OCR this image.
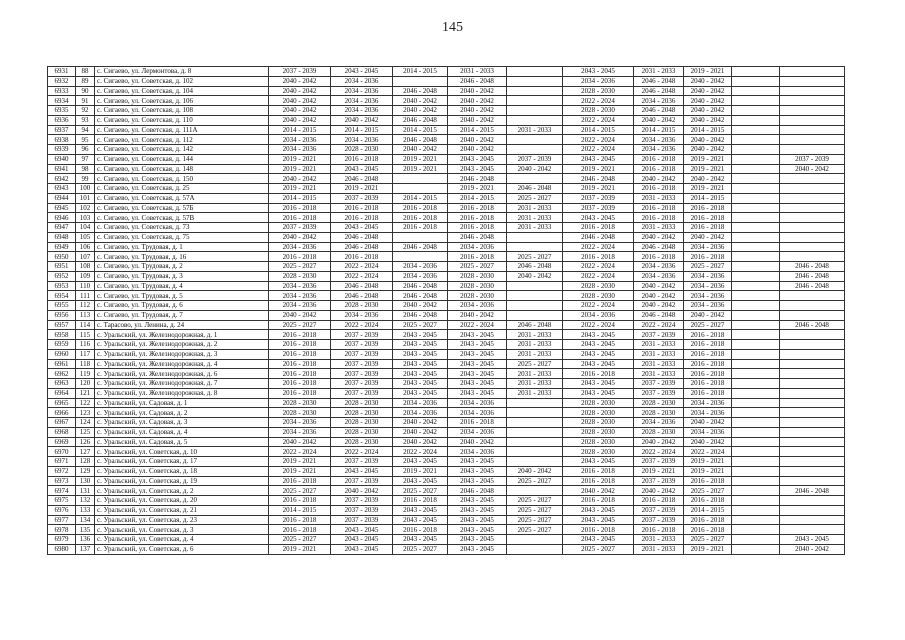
145
6931	88	с. Сигаево, ул. Лермонтова, д. 8	2037 - 2039	2043 - 2045	2014 - 2015	2031 - 2033		2043 - 2045	2031 - 2033	2019 - 2021		
6932	89	с. Сигаево, ул. Советская, д. 102	2040 - 2042	2034 - 2036		2046 - 2048		2034 - 2036	2046 - 2048	2040 - 2042		
6933	90	с. Сигаево, ул. Советская, д. 104	2040 - 2042	2034 - 2036	2046 - 2048	2040 - 2042		2028 - 2030	2046 - 2048	2040 - 2042		
6934	91	с. Сигаево, ул. Советская, д. 106	2040 - 2042	2034 - 2036	2040 - 2042	2040 - 2042		2022 - 2024	2034 - 2036	2040 - 2042		
6935	92	с. Сигаево, ул. Советская, д. 108	2040 - 2042	2034 - 2036	2040 - 2042	2040 - 2042		2028 - 2030	2046 - 2048	2040 - 2042		
6936	93	с. Сигаево, ул. Советская, д. 110	2040 - 2042	2040 - 2042	2046 - 2048	2040 - 2042		2022 - 2024	2040 - 2042	2040 - 2042		
6937	94	с. Сигаево, ул. Советская, д. 111А	2014 - 2015	2014 - 2015	2014 - 2015	2014 - 2015	2031 - 2033	2014 - 2015	2014 - 2015	2014 - 2015		
6938	95	с. Сигаево, ул. Советская, д. 112	2034 - 2036	2034 - 2036	2046 - 2048	2040 - 2042		2022 - 2024	2034 - 2036	2040 - 2042		
6939	96	с. Сигаево, ул. Советская, д. 142	2034 - 2036	2028 - 2030	2040 - 2042	2040 - 2042		2022 - 2024	2034 - 2036	2040 - 2042		
6940	97	с. Сигаево, ул. Советская, д. 144	2019 - 2021	2016 - 2018	2019 - 2021	2043 - 2045	2037 - 2039	2043 - 2045	2016 - 2018	2019 - 2021		2037 - 2039
6941	98	с. Сигаево, ул. Советская, д. 148	2019 - 2021	2043 - 2045	2019 - 2021	2043 - 2045	2040 - 2042	2019 - 2021	2016 - 2018	2019 - 2021		2040 - 2042
6942	99	с. Сигаево, ул. Советская, д. 150	2040 - 2042	2046 - 2048		2046 - 2048		2046 - 2048	2040 - 2042	2040 - 2042		
6943	100	с. Сигаево, ул. Советская, д. 25	2019 - 2021	2019 - 2021		2019 - 2021	2046 - 2048	2019 - 2021	2016 - 2018	2019 - 2021		
6944	101	с. Сигаево, ул. Советская, д. 57А	2014 - 2015	2037 - 2039	2014 - 2015	2014 - 2015	2025 - 2027	2037 - 2039	2031 - 2033	2014 - 2015		
6945	102	с. Сигаево, ул. Советская, д. 57Б	2016 - 2018	2016 - 2018	2016 - 2018	2016 - 2018	2031 - 2033	2037 - 2039	2016 - 2018	2016 - 2018		
6946	103	с. Сигаево, ул. Советская, д. 57В	2016 - 2018	2016 - 2018	2016 - 2018	2016 - 2018	2031 - 2033	2043 - 2045	2016 - 2018	2016 - 2018		
6947	104	с. Сигаево, ул. Советская, д. 73	2037 - 2039	2043 - 2045	2016 - 2018	2016 - 2018	2031 - 2033	2016 - 2018	2031 - 2033	2016 - 2018		
6948	105	с. Сигаево, ул. Советская, д. 75	2040 - 2042	2046 - 2048		2046 - 2048		2046 - 2048	2040 - 2042	2040 - 2042		
6949	106	с. Сигаево, ул. Трудовая, д. 1	2034 - 2036	2046 - 2048	2046 - 2048	2034 - 2036		2022 - 2024	2046 - 2048	2034 - 2036		
6950	107	с. Сигаево, ул. Трудовая, д. 16	2016 - 2018	2016 - 2018		2016 - 2018	2025 - 2027	2016 - 2018	2016 - 2018	2016 - 2018		
6951	108	с. Сигаево, ул. Трудовая, д. 2	2025 - 2027	2022 - 2024	2034 - 2036	2025 - 2027	2046 - 2048	2022 - 2024	2034 - 2036	2025 - 2027		2046 - 2048
6952	109	с. Сигаево, ул. Трудовая, д. 3	2028 - 2030	2022 - 2024	2034 - 2036	2028 - 2030	2040 - 2042	2022 - 2024	2034 - 2036	2034 - 2036		2046 - 2048
6953	110	с. Сигаево, ул. Трудовая, д. 4	2034 - 2036	2046 - 2048	2046 - 2048	2028 - 2030		2028 - 2030	2040 - 2042	2034 - 2036		2046 - 2048
6954	111	с. Сигаево, ул. Трудовая, д. 5	2034 - 2036	2046 - 2048	2046 - 2048	2028 - 2030		2028 - 2030	2040 - 2042	2034 - 2036		
6955	112	с. Сигаево, ул. Трудовая, д. 6	2034 - 2036	2028 - 2030	2040 - 2042	2034 - 2036		2022 - 2024	2040 - 2042	2034 - 2036		
6956	113	с. Сигаево, ул. Трудовая, д. 7	2040 - 2042	2034 - 2036	2046 - 2048	2040 - 2042		2034 - 2036	2046 - 2048	2040 - 2042		
6957	114	с. Тарасово, ул. Ленина, д. 24	2025 - 2027	2022 - 2024	2025 - 2027	2022 - 2024	2046 - 2048	2022 - 2024	2022 - 2024	2025 - 2027		2046 - 2048
6958	115	с. Уральский, ул. Железнодорожная, д. 1	2016 - 2018	2037 - 2039	2043 - 2045	2043 - 2045	2031 - 2033	2043 - 2045	2037 - 2039	2016 - 2018		
6959	116	с. Уральский, ул. Железнодорожная, д. 2	2016 - 2018	2037 - 2039	2043 - 2045	2043 - 2045	2031 - 2033	2043 - 2045	2031 - 2033	2016 - 2018		
6960	117	с. Уральский, ул. Железнодорожная, д. 3	2016 - 2018	2037 - 2039	2043 - 2045	2043 - 2045	2031 - 2033	2043 - 2045	2031 - 2033	2016 - 2018		
6961	118	с. Уральский, ул. Железнодорожная, д. 4	2016 - 2018	2037 - 2039	2043 - 2045	2043 - 2045	2025 - 2027	2043 - 2045	2031 - 2033	2016 - 2018		
6962	119	с. Уральский, ул. Железнодорожная, д. 6	2016 - 2018	2037 - 2039	2043 - 2045	2043 - 2045	2031 - 2033	2016 - 2018	2031 - 2033	2016 - 2018		
6963	120	с. Уральский, ул. Железнодорожная, д. 7	2016 - 2018	2037 - 2039	2043 - 2045	2043 - 2045	2031 - 2033	2043 - 2045	2037 - 2039	2016 - 2018		
6964	121	с. Уральский, ул. Железнодорожная, д. 8	2016 - 2018	2037 - 2039	2043 - 2045	2043 - 2045	2031 - 2033	2043 - 2045	2037 - 2039	2016 - 2018		
6965	122	с. Уральский, ул. Садовая, д. 1	2028 - 2030	2028 - 2030	2034 - 2036	2034 - 2036		2028 - 2030	2028 - 2030	2034 - 2036		
6966	123	с. Уральский, ул. Садовая, д. 2	2028 - 2030	2028 - 2030	2034 - 2036	2034 - 2036		2028 - 2030	2028 - 2030	2034 - 2036		
6967	124	с. Уральский, ул. Садовая, д. 3	2034 - 2036	2028 - 2030	2040 - 2042	2016 - 2018		2028 - 2030	2034 - 2036	2040 - 2042		
6968	125	с. Уральский, ул. Садовая, д. 4	2034 - 2036	2028 - 2030	2040 - 2042	2034 - 2036		2028 - 2030	2028 - 2030	2034 - 2036		
6969	126	с. Уральский, ул. Садовая, д. 5	2040 - 2042	2028 - 2030	2040 - 2042	2040 - 2042		2028 - 2030	2040 - 2042	2040 - 2042		
6970	127	с. Уральский, ул. Советская, д. 10	2022 - 2024	2022 - 2024	2022 - 2024	2034 - 2036		2028 - 2030	2022 - 2024	2022 - 2024		
6971	128	с. Уральский, ул. Советская, д. 17	2019 - 2021	2037 - 2039	2043 - 2045	2043 - 2045		2043 - 2045	2037 - 2039	2019 - 2021		
6972	129	с. Уральский, ул. Советская, д. 18	2019 - 2021	2043 - 2045	2019 - 2021	2043 - 2045	2040 - 2042	2016 - 2018	2019 - 2021	2019 - 2021		
6973	130	с. Уральский, ул. Советская, д. 19	2016 - 2018	2037 - 2039	2043 - 2045	2043 - 2045	2025 - 2027	2016 - 2018	2037 - 2039	2016 - 2018		
6974	131	с. Уральский, ул. Советская, д. 2	2025 - 2027	2040 - 2042	2025 - 2027	2046 - 2048		2040 - 2042	2040 - 2042	2025 - 2027		2046 - 2048
6975	132	с. Уральский, ул. Советская, д. 20	2016 - 2018	2037 - 2039	2016 - 2018	2043 - 2045	2025 - 2027	2016 - 2018	2016 - 2018	2016 - 2018		
6976	133	с. Уральский, ул. Советская, д. 21	2014 - 2015	2037 - 2039	2043 - 2045	2043 - 2045	2025 - 2027	2043 - 2045	2037 - 2039	2014 - 2015		
6977	134	с. Уральский, ул. Советская, д. 23	2016 - 2018	2037 - 2039	2043 - 2045	2043 - 2045	2025 - 2027	2043 - 2045	2037 - 2039	2016 - 2018		
6978	135	с. Уральский, ул. Советская, д. 3	2016 - 2018	2043 - 2045	2016 - 2018	2043 - 2045	2025 - 2027	2016 - 2018	2016 - 2018	2016 - 2018		
6979	136	с. Уральский, ул. Советская, д. 4	2025 - 2027	2043 - 2045	2043 - 2045	2043 - 2045		2043 - 2045	2031 - 2033	2025 - 2027		2043 - 2045
6980	137	с. Уральский, ул. Советская, д. 6	2019 - 2021	2043 - 2045	2025 - 2027	2043 - 2045		2025 - 2027	2031 - 2033	2019 - 2021		2040 - 2042
